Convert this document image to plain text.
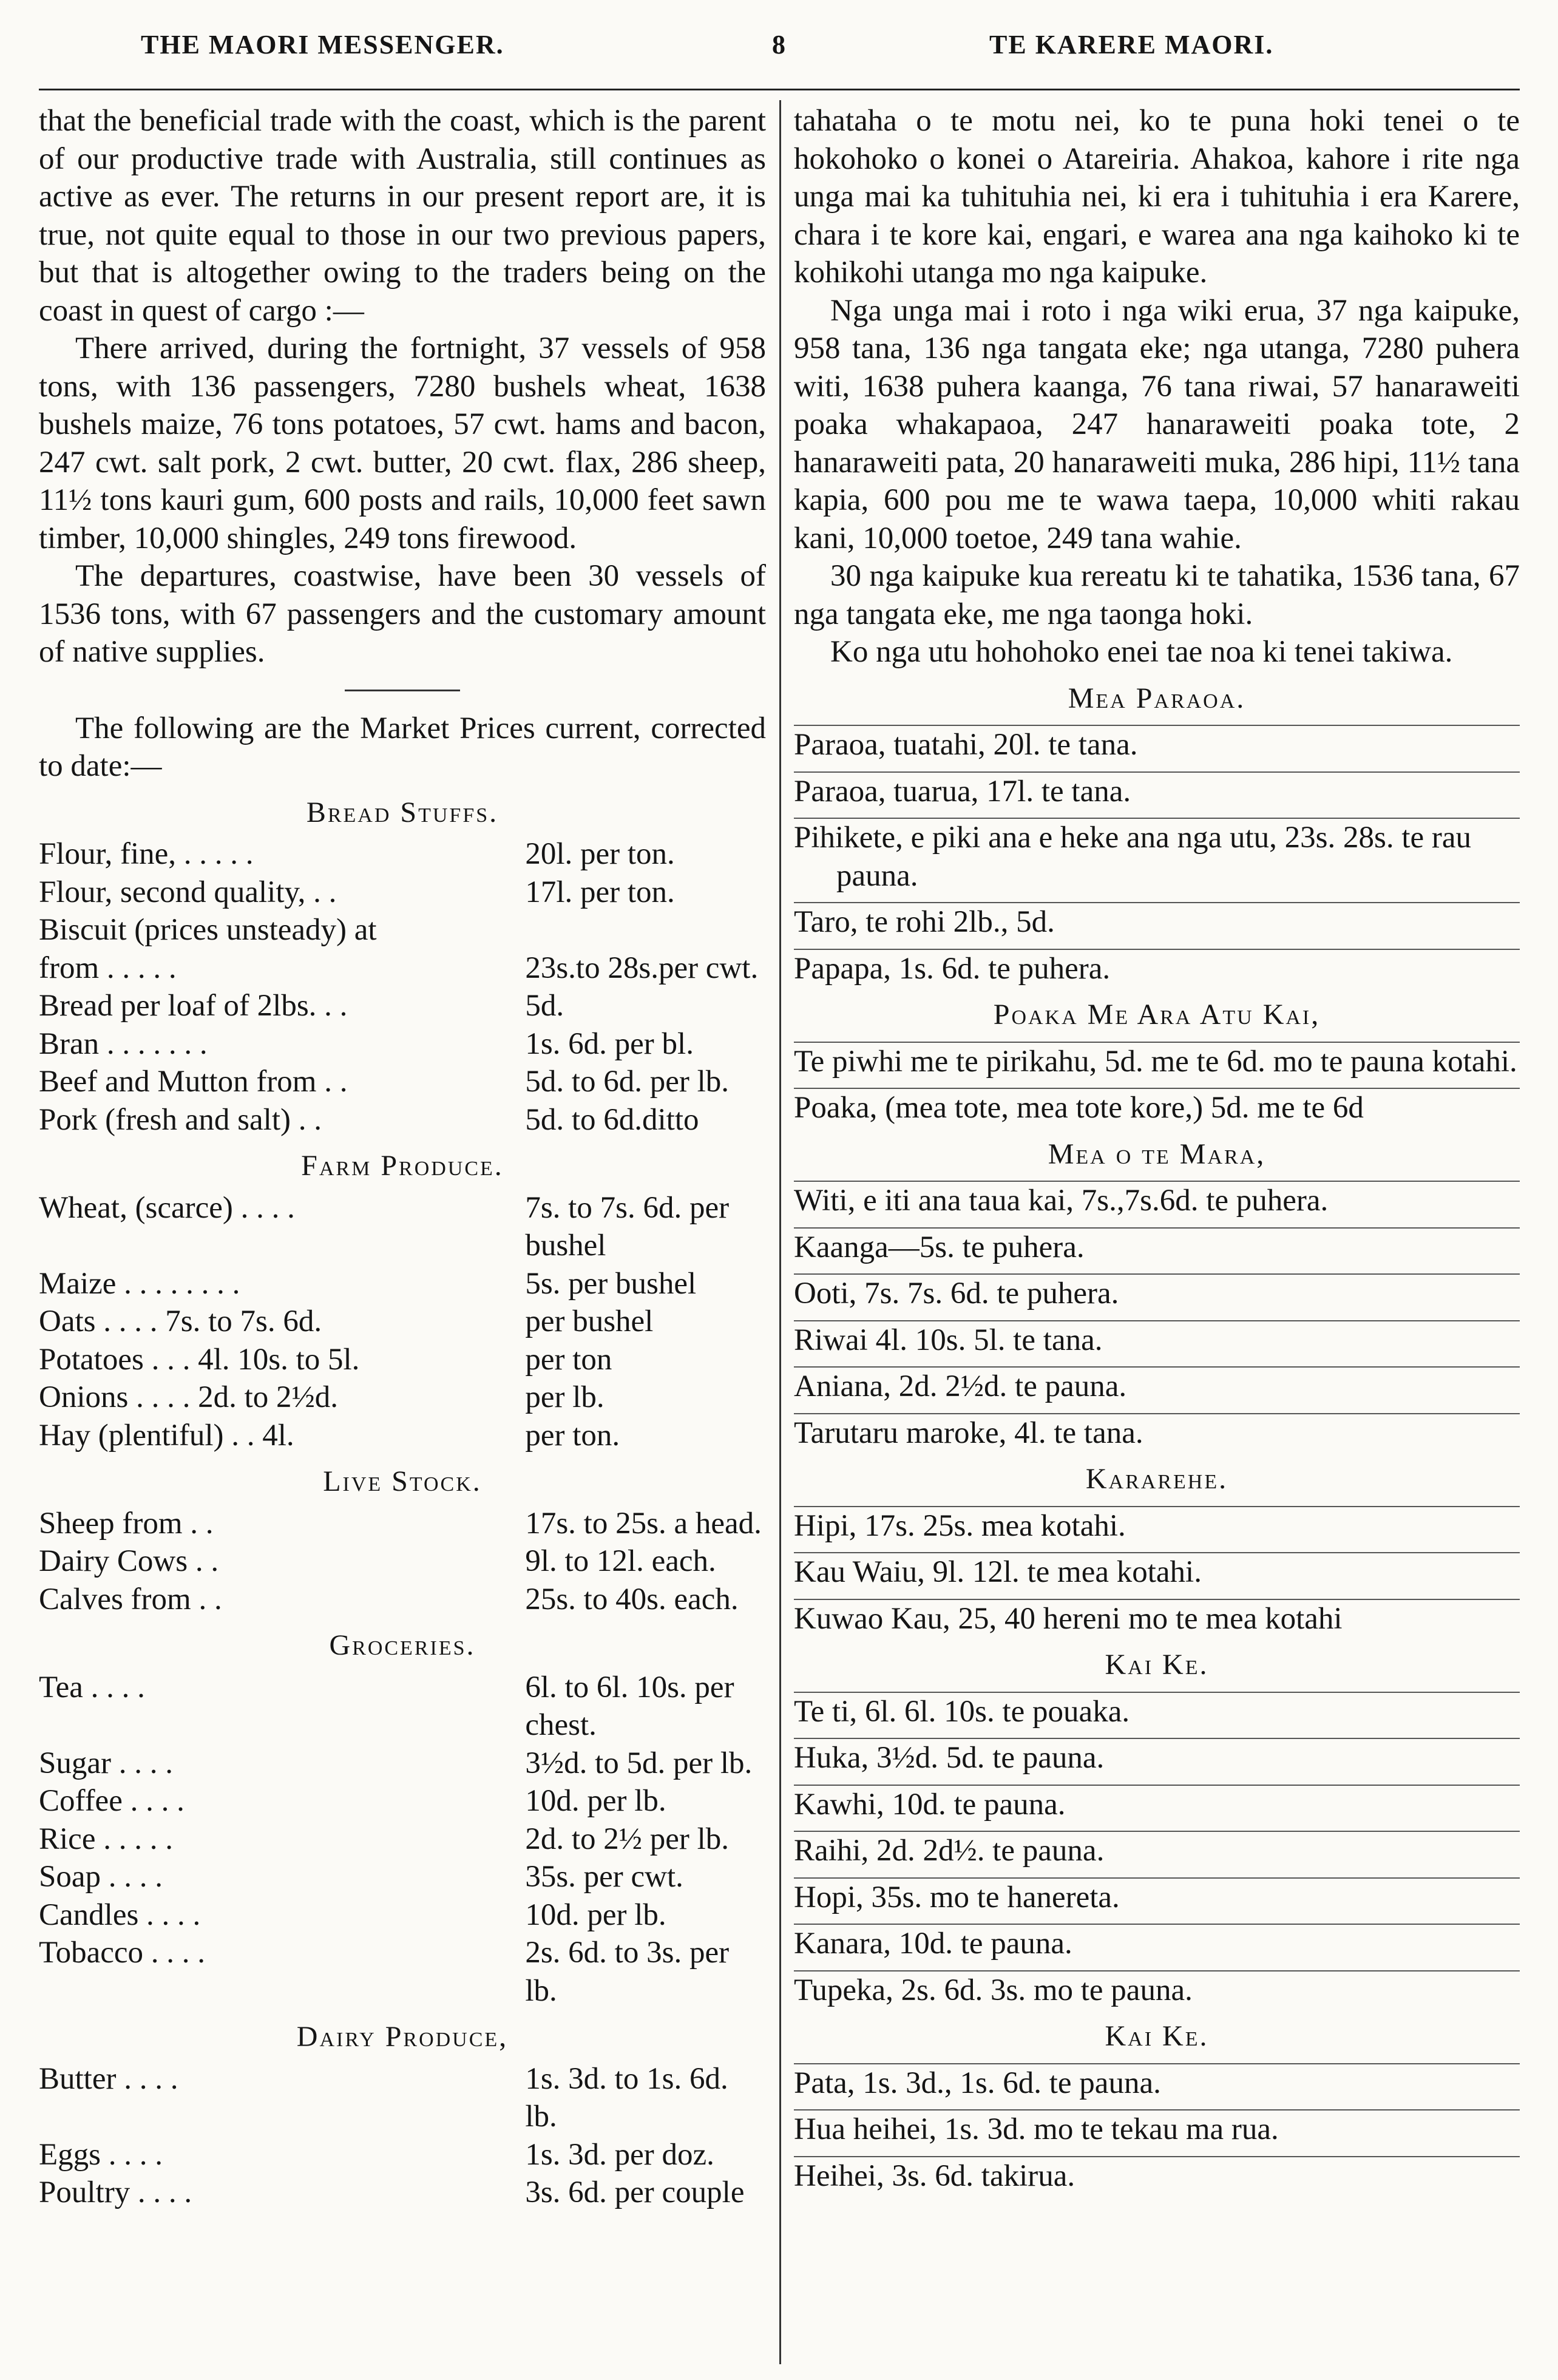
THE MAORI MESSENGER.	8	TE KARERE MAORI.
that the beneficial trade with the coast, which is the parent of our productive trade with Australia, still continues as active as ever. The returns in our present report are, it is true, not quite equal to those in our two previous papers, but that is altogether owing to the traders being on the coast in quest of cargo :—
There arrived, during the fortnight, 37 vessels of 958 tons, with 136 passengers, 7280 bushels wheat, 1638 bushels maize, 76 tons potatoes, 57 cwt. hams and bacon, 247 cwt. salt pork, 2 cwt. butter, 20 cwt. flax, 286 sheep, 11½ tons kauri gum, 600 posts and rails, 10,000 feet sawn timber, 10,000 shingles, 249 tons firewood.
The departures, coastwise, have been 30 vessels of 1536 tons, with 67 passengers and the customary amount of native supplies.
The following are the Market Prices current, corrected to date:—
Bread Stuffs.
Flour, fine, . . . . .	20l. per ton.
Flour, second quality, . .	17l. per ton.
Biscuit (prices unsteady) at
from . . . . .	23s.to 28s.per cwt.
Bread per loaf of 2lbs. . .	5d.
Bran . . . . . . .	1s. 6d. per bl.
Beef and Mutton from . .	5d. to 6d. per lb.
Pork (fresh and salt) . .	5d. to 6d.ditto
Farm Produce.
Wheat, (scarce) . . . .	7s. to 7s. 6d. per bushel
Maize . . . . . . . .	5s. per bushel
Oats . . . . 7s. to 7s. 6d.	per bushel
Potatoes . . . 4l. 10s. to 5l.	per ton
Onions . . . . 2d. to 2½d.	per lb.
Hay (plentiful) . . 4l.	per ton.
Live Stock.
Sheep from . .	17s. to 25s. a head.
Dairy Cows . .	9l. to 12l. each.
Calves from . .	25s. to 40s. each.
Groceries.
Tea . . . .	6l. to 6l. 10s. per chest.
Sugar . . . .	3½d. to 5d. per lb.
Coffee . . . .	10d. per lb.
Rice . . . . .	2d. to 2½ per lb.
Soap . . . .	35s. per cwt.
Candles . . . .	10d. per lb.
Tobacco . . . .	2s. 6d. to 3s. per lb.
Dairy Produce,
Butter . . . .	1s. 3d. to 1s. 6d. lb.
Eggs . . . .	1s. 3d. per doz.
Poultry . . . .	3s. 6d. per couple
tahataha o te motu nei, ko te puna hoki tenei o te hokohoko o konei o Atareiria. Ahakoa, kahore i rite nga unga mai ka tuhituhia nei, ki era i tuhituhia i era Karere, chara i te kore kai, engari, e warea ana nga kaihoko ki te kohikohi utanga mo nga kaipuke.
Nga unga mai i roto i nga wiki erua, 37 nga kaipuke, 958 tana, 136 nga tangata eke; nga utanga, 7280 puhera witi, 1638 puhera kaanga, 76 tana riwai, 57 hanaraweiti poaka whakapaoa, 247 hanaraweiti poaka tote, 2 hanaraweiti pata, 20 hanaraweiti muka, 286 hipi, 11½ tana kapia, 600 pou me te wawa taepa, 10,000 whiti rakau kani, 10,000 toetoe, 249 tana wahie.
30 nga kaipuke kua rereatu ki te tahatika, 1536 tana, 67 nga tangata eke, me nga taonga hoki.
Ko nga utu hohohoko enei tae noa ki tenei takiwa.
Mea Paraoa.
Paraoa, tuatahi, 20l. te tana.
Paraoa, tuarua, 17l. te tana.
Pihikete, e piki ana e heke ana nga utu, 23s. 28s. te rau pauna.
Taro, te rohi 2lb., 5d.
Papapa, 1s. 6d. te puhera.
Poaka Me Ara Atu Kai,
Te piwhi me te pirikahu, 5d. me te 6d. mo te pauna kotahi.
Poaka, (mea tote, mea tote kore,) 5d. me te 6d
Mea o te Mara,
Witi, e iti ana taua kai, 7s.,7s.6d. te puhera.
Kaanga—5s. te puhera.
Ooti, 7s. 7s. 6d. te puhera.
Riwai 4l. 10s. 5l. te tana.
Aniana, 2d. 2½d. te pauna.
Tarutaru maroke, 4l. te tana.
Kararehe.
Hipi, 17s. 25s. mea kotahi.
Kau Waiu, 9l. 12l. te mea kotahi.
Kuwao Kau, 25, 40 hereni mo te mea kotahi
Kai Ke.
Te ti, 6l. 6l. 10s. te pouaka.
Huka, 3½d. 5d. te pauna.
Kawhi, 10d. te pauna.
Raihi, 2d. 2d½. te pauna.
Hopi, 35s. mo te hanereta.
Kanara, 10d. te pauna.
Tupeka, 2s. 6d. 3s. mo te pauna.
Kai Ke.
Pata, 1s. 3d., 1s. 6d. te pauna.
Hua heihei, 1s. 3d. mo te tekau ma rua.
Heihei, 3s. 6d. takirua.
